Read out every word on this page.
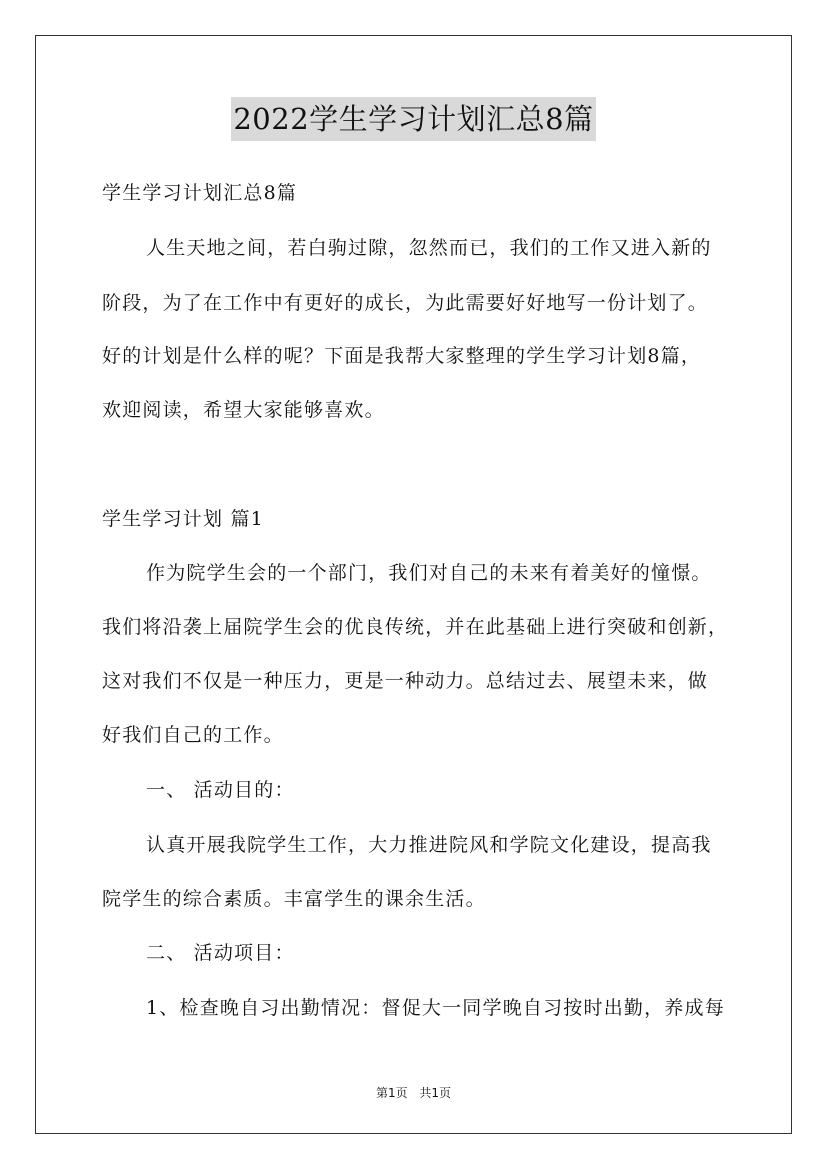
2022学生学习计划汇总8篇
学生学习计划汇总8篇
人生天地之间，若白驹过隙，忽然而已，我们的工作又进入新的
阶段，为了在工作中有更好的成长，为此需要好好地写一份计划了。
好的计划是什么样的呢？下面是我帮大家整理的学生学习计划8篇，
欢迎阅读，希望大家能够喜欢。
学生学习计划 篇1
作为院学生会的一个部门，我们对自己的未来有着美好的憧憬。
我们将沿袭上届院学生会的优良传统，并在此基础上进行突破和创新，
这对我们不仅是一种压力，更是一种动力。总结过去、展望未来，做
好我们自己的工作。
一、 活动目的：
认真开展我院学生工作，大力推进院风和学院文化建设，提高我
院学生的综合素质。丰富学生的课余生活。
二、 活动项目：
1、检查晚自习出勤情况：督促大一同学晚自习按时出勤，养成每
第1页 共1页
